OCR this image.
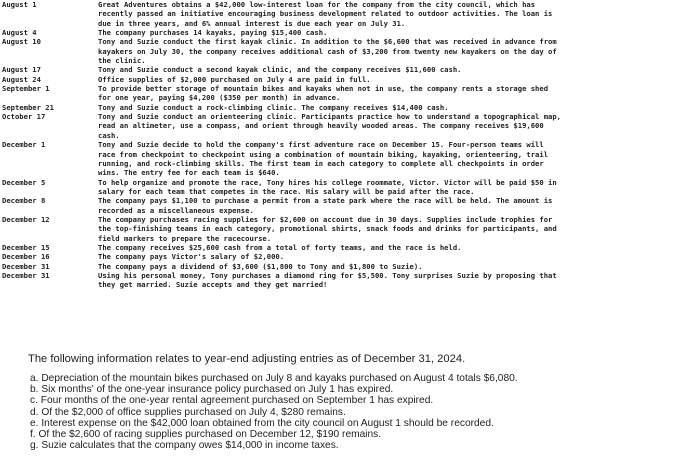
August 1	Great Adventures obtains a $42,000 low-interest loan for the company from the city council, which has
recently passed an initiative encouraging business development related to outdoor activities. The loan is
due in three years, and 6% annual interest is due each year on July 31.
August 4	The company purchases 14 kayaks, paying $15,400 cash.
August 10	Tony and Suzie conduct the first kayak clinic. In addition to the $6,600 that was received in advance from
kayakers on July 30, the company receives additional cash of $3,200 from twenty new kayakers on the day of
the clinic.
August 17	Tony and Suzie conduct a second kayak clinic, and the company receives $11,600 cash.
August 24	Office supplies of $2,000 purchased on July 4 are paid in full.
September 1	To provide better storage of mountain bikes and kayaks when not in use, the company rents a storage shed
for one year, paying $4,200 ($350 per month) in advance.
September 21	Tony and Suzie conduct a rock-climbing clinic. The company receives $14,400 cash.
October 17	Tony and Suzie conduct an orienteering clinic. Participants practice how to understand a topographical map,
read an altimeter, use a compass, and orient through heavily wooded areas. The company receives $19,600
cash.
December 1	Tony and Suzie decide to hold the company's first adventure race on December 15. Four-person teams will
race from checkpoint to checkpoint using a combination of mountain biking, kayaking, orienteering, trail
running, and rock-climbing skills. The first team in each category to complete all checkpoints in order
wins. The entry fee for each team is $640.
December 5	To help organize and promote the race, Tony hires his college roommate, Victor. Victor will be paid $50 in
salary for each team that competes in the race. His salary will be paid after the race.
December 8	The company pays $1,100 to purchase a permit from a state park where the race will be held. The amount is
recorded as a miscellaneous expense.
December 12	The company purchases racing supplies for $2,600 on account due in 30 days. Supplies include trophies for
the top-finishing teams in each category, promotional shirts, snack foods and drinks for participants, and
field markers to prepare the racecourse.
December 15	The company receives $25,600 cash from a total of forty teams, and the race is held.
December 16	The company pays Victor's salary of $2,000.
December 31	The company pays a dividend of $3,600 ($1,800 to Tony and $1,800 to Suzie).
December 31	Using his personal money, Tony purchases a diamond ring for $5,500. Tony surprises Suzie by proposing that
they get married. Suzie accepts and they get married!

The following information relates to year-end adjusting entries as of December 31, 2024.

a. Depreciation of the mountain bikes purchased on July 8 and kayaks purchased on August 4 totals $6,080.
b. Six months' of the one-year insurance policy purchased on July 1 has expired.
c. Four months of the one-year rental agreement purchased on September 1 has expired.
d. Of the $2,000 of office supplies purchased on July 4, $280 remains.
e. Interest expense on the $42,000 loan obtained from the city council on August 1 should be recorded.
f. Of the $2,600 of racing supplies purchased on December 12, $190 remains.
g. Suzie calculates that the company owes $14,000 in income taxes.
